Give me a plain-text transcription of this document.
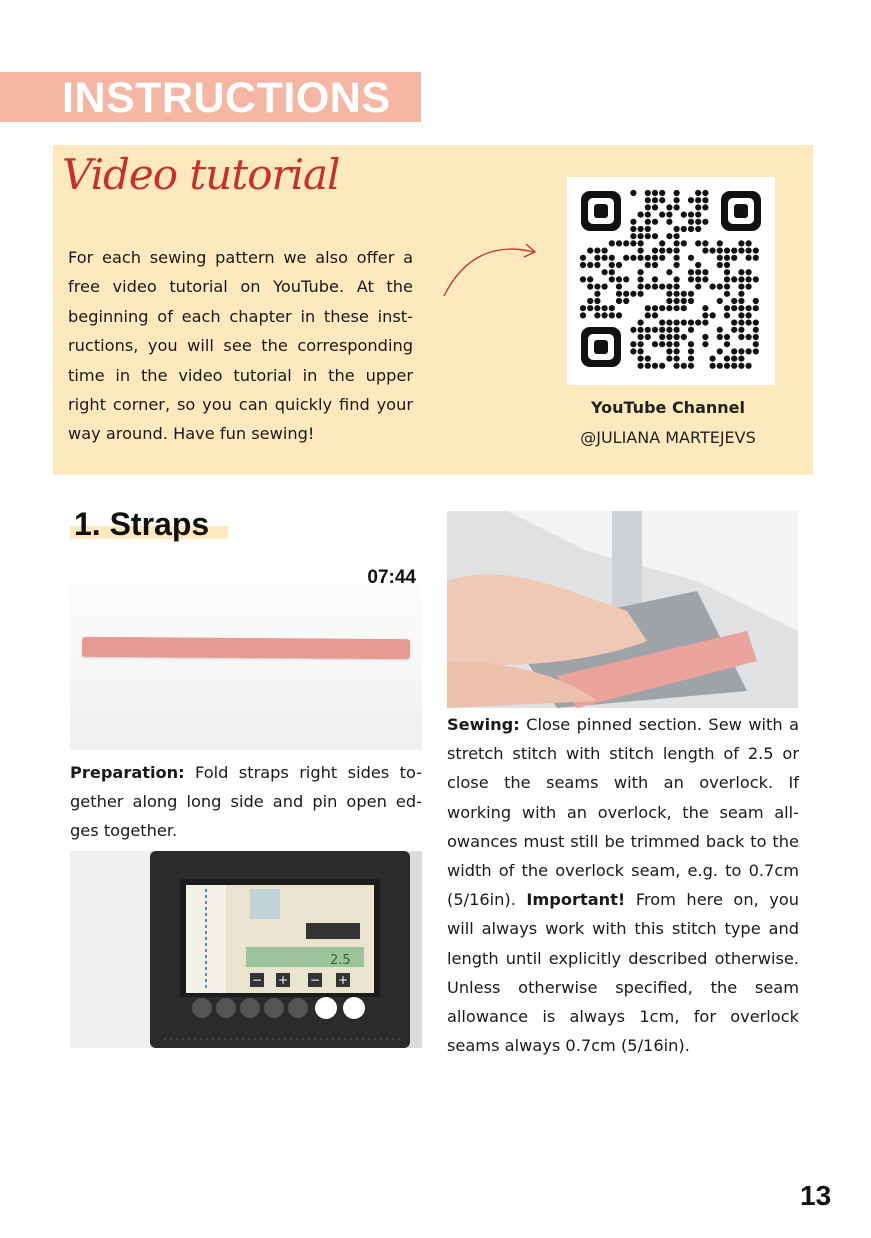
INSTRUCTIONS
Video tutorial
For each sewing pattern we also offer a free video tutorial on YouTube. At the beginning of each chapter in these inst-ructions, you will see the corresponding time in the video tutorial in the upper right corner, so you can quickly find your way around. Have fun sewing!
YouTube Channel
@JULIANA MARTEJEVS
1. Straps
07:44
Preparation: Fold straps right sides to-gether along long side and pin open ed-ges together.
− + − +
2.5
Sewing: Close pinned section. Sew with a stretch stitch with stitch length of 2.5 or close the seams with an overlock. If working with an overlock, the seam all-owances must still be trimmed back to the width of the overlock seam, e.g. to 0.7cm (5/16in). Important! From here on, you will always work with this stitch type and length until explicitly described otherwise. Unless otherwise specified, the seam allowance is always 1cm, for overlock seams always 0.7cm (5/16in).
13
